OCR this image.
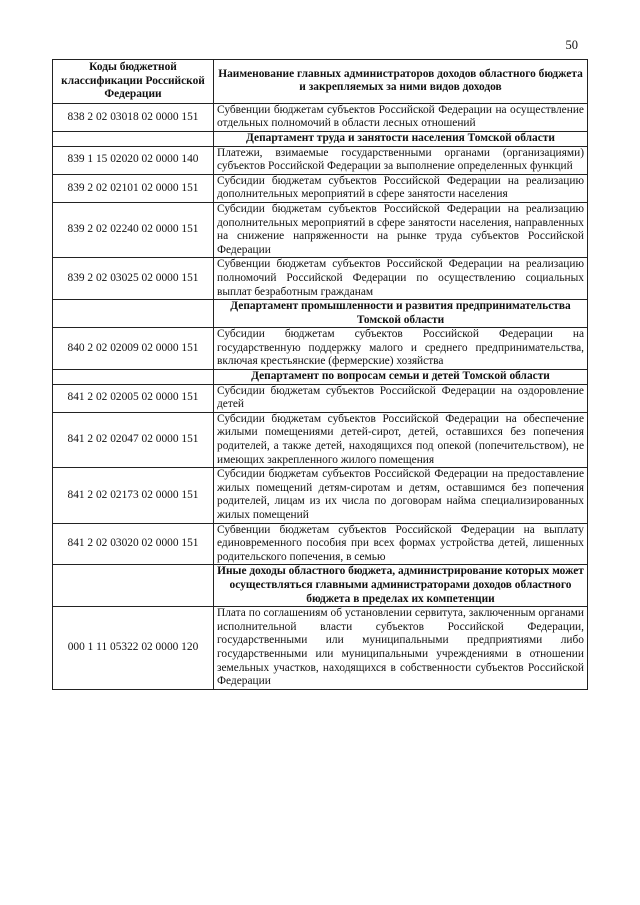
50
Коды бюджетной классификации Российской Федерации	Наименование главных администраторов доходов областного бюджета и закрепляемых за ними видов доходов
838 2 02 03018 02 0000 151	Субвенции бюджетам субъектов Российской Федерации на осуществление отдельных полномочий в области лесных отношений
	Департамент труда и занятости населения Томской области
839 1 15 02020 02 0000 140	Платежи, взимаемые государственными органами (организациями) субъектов Российской Федерации за выполнение определенных функций
839 2 02 02101 02 0000 151	Субсидии бюджетам субъектов Российской Федерации на реализацию дополнительных мероприятий в сфере занятости населения
839 2 02 02240 02 0000 151	Субсидии бюджетам субъектов Российской Федерации на реализацию дополнительных мероприятий в сфере занятости населения, направленных на снижение напряженности на рынке труда субъектов Российской Федерации
839 2 02 03025 02 0000 151	Субвенции бюджетам субъектов Российской Федерации на реализацию полномочий Российской Федерации по осуществлению социальных выплат безработным гражданам
	Департамент промышленности и развития предпринимательства Томской области
840 2 02 02009 02 0000 151	Субсидии бюджетам субъектов Российской Федерации на государственную поддержку малого и среднего предпринимательства, включая крестьянские (фермерские) хозяйства
	Департамент по вопросам семьи и детей Томской области
841 2 02 02005 02 0000 151	Субсидии бюджетам субъектов Российской Федерации на оздоровление детей
841 2 02 02047 02 0000 151	Субсидии бюджетам субъектов Российской Федерации на обеспечение жилыми помещениями детей-сирот, детей, оставшихся без попечения родителей, а также детей, находящихся под опекой (попечительством), не имеющих закрепленного жилого помещения
841 2 02 02173 02 0000 151	Субсидии бюджетам субъектов Российской Федерации на предоставление жилых помещений детям-сиротам и детям, оставшимся без попечения родителей, лицам из их числа по договорам найма специализированных жилых помещений
841 2 02 03020 02 0000 151	Субвенции бюджетам субъектов Российской Федерации на выплату единовременного пособия при всех формах устройства детей, лишенных родительского попечения, в семью
	Иные доходы областного бюджета, администрирование которых может осуществляться главными администраторами доходов областного бюджета в пределах их компетенции
000 1 11 05322 02 0000 120	Плата по соглашениям об установлении сервитута, заключенным органами исполнительной власти субъектов Российской Федерации, государственными или муниципальными предприятиями либо государственными или муниципальными учреждениями в отношении земельных участков, находящихся в собственности субъектов Российской Федерации
